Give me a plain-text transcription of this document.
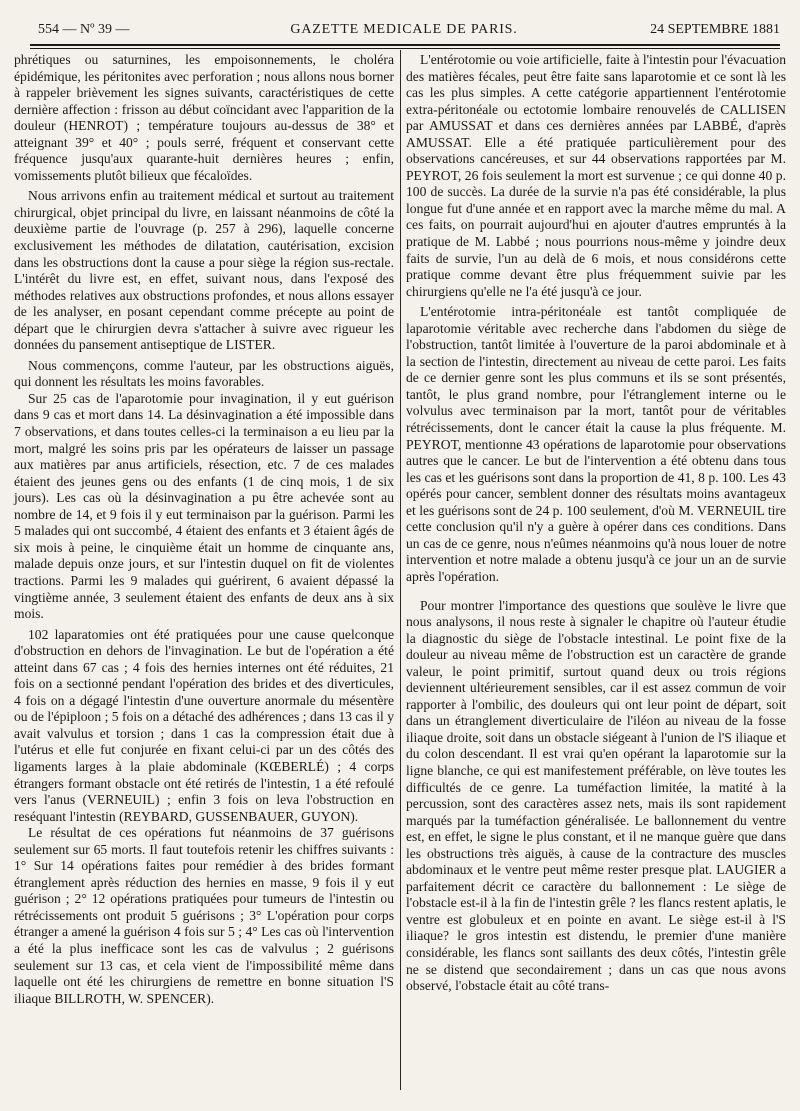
554 — Nº 39 —	GAZETTE MEDICALE DE PARIS.	24 SEPTEMBRE 1881

phrétiques ou saturnines, les empoisonnements, le choléra épidémique, les péritonites avec perforation ; nous allons nous borner à rappeler brièvement les signes suivants, caractéristiques de cette dernière affection : frisson au début coïncidant avec l'apparition de la douleur (HENROT) ; température toujours au-dessus de 38° et atteignant 39° et 40° ; pouls serré, fréquent et conservant cette fréquence jusqu'aux quarante-huit dernières heures ; enfin, vomissements plutôt bilieux que fécaloïdes.

Nous arrivons enfin au traitement médical et surtout au traitement chirurgical, objet principal du livre, en laissant néanmoins de côté la deuxième partie de l'ouvrage (p. 257 à 296), laquelle concerne exclusivement les méthodes de dilatation, cautérisation, excision dans les obstructions dont la cause a pour siège la région sus-rectale. L'intérêt du livre est, en effet, suivant nous, dans l'exposé des méthodes relatives aux obstructions profondes, et nous allons essayer de les analyser, en posant cependant comme précepte au point de départ que le chirurgien devra s'attacher à suivre avec rigueur les données du pansement antiseptique de LISTER.

Nous commençons, comme l'auteur, par les obstructions aiguës, qui donnent les résultats les moins favorables.

Sur 25 cas de l'aparotomie pour invagination, il y eut guérison dans 9 cas et mort dans 14. La désinvagination a été impossible dans 7 observations, et dans toutes celles-ci la terminaison a eu lieu par la mort, malgré les soins pris par les opérateurs de laisser un passage aux matières par anus artificiels, résection, etc. 7 de ces malades étaient des jeunes gens ou des enfants (1 de cinq mois, 1 de six jours). Les cas où la désinvagination a pu être achevée sont au nombre de 14, et 9 fois il y eut terminaison par la guérison. Parmi les 5 malades qui ont succombé, 4 étaient des enfants et 3 étaient âgés de six mois à peine, le cinquième était un homme de cinquante ans, malade depuis onze jours, et sur l'intestin duquel on fit de violentes tractions. Parmi les 9 malades qui guérirent, 6 avaient dépassé la vingtième année, 3 seulement étaient des enfants de deux ans à six mois.

102 laparatomies ont été pratiquées pour une cause quelconque d'obstruction en dehors de l'invagination. Le but de l'opération a été atteint dans 67 cas ; 4 fois des hernies internes ont été réduites, 21 fois on a sectionné pendant l'opération des brides et des diverticules, 4 fois on a dégagé l'intestin d'une ouverture anormale du mésentère ou de l'épiploon ; 5 fois on a détaché des adhérences ; dans 13 cas il y avait valvulus et torsion ; dans 1 cas la compression était due à l'utérus et elle fut conjurée en fixant celui-ci par un des côtés des ligaments larges à la plaie abdominale (KŒBERLÉ) ; 4 corps étrangers formant obstacle ont été retirés de l'intestin, 1 a été refoulé vers l'anus (VERNEUIL) ; enfin 3 fois on leva l'obstruction en reséquant l'intestin (REYBARD, GUSSENBAUER, GUYON).

Le résultat de ces opérations fut néanmoins de 37 guérisons seulement sur 65 morts. Il faut toutefois retenir les chiffres suivants : 1° Sur 14 opérations faites pour remédier à des brides formant étranglement après réduction des hernies en masse, 9 fois il y eut guérison ; 2° 12 opérations pratiquées pour tumeurs de l'intestin ou rétrécissements ont produit 5 guérisons ; 3° L'opération pour corps étranger a amené la guérison 4 fois sur 5 ; 4° Les cas où l'intervention a été la plus inefficace sont les cas de valvulus ; 2 guérisons seulement sur 13 cas, et cela vient de l'impossibilité même dans laquelle ont été les chirurgiens de remettre en bonne situation l'S iliaque BILLROTH, W. SPENCER).

L'entérotomie ou voie artificielle, faite à l'intestin pour l'évacuation des matières fécales, peut être faite sans laparotomie et ce sont là les cas les plus simples. A cette catégorie appartiennent l'entérotomie extra-péritonéale ou ectotomie lombaire renouvelés de CALLISEN par AMUSSAT et dans ces dernières années par LABBÉ, d'après AMUSSAT. Elle a été pratiquée particulièrement pour des observations cancéreuses, et sur 44 observations rapportées par M. PEYROT, 26 fois seulement la mort est survenue ; ce qui donne 40 p. 100 de succès. La durée de la survie n'a pas été considérable, la plus longue fut d'une année et en rapport avec la marche même du mal. A ces faits, on pourrait aujourd'hui en ajouter d'autres empruntés à la pratique de M. Labbé ; nous pourrions nous-même y joindre deux faits de survie, l'un au delà de 6 mois, et nous considérons cette pratique comme devant être plus fréquemment suivie par les chirurgiens qu'elle ne l'a été jusqu'à ce jour.

L'entérotomie intra-péritonéale est tantôt compliquée de laparotomie véritable avec recherche dans l'abdomen du siège de l'obstruction, tantôt limitée à l'ouverture de la paroi abdominale et à la section de l'intestin, directement au niveau de cette paroi. Les faits de ce dernier genre sont les plus communs et ils se sont présentés, tantôt, le plus grand nombre, pour l'étranglement interne ou le volvulus avec terminaison par la mort, tantôt pour de véritables rétrécissements, dont le cancer était la cause la plus fréquente. M. PEYROT, mentionne 43 opérations de laparotomie pour observations autres que le cancer. Le but de l'intervention a été obtenu dans tous les cas et les guérisons sont dans la proportion de 41, 8 p. 100. Les 43 opérés pour cancer, semblent donner des résultats moins avantageux et les guérisons sont de 24 p. 100 seulement, d'où M. VERNEUIL tire cette conclusion qu'il n'y a guère à opérer dans ces conditions. Dans un cas de ce genre, nous n'eûmes néanmoins qu'à nous louer de notre intervention et notre malade a obtenu jusqu'à ce jour un an de survie après l'opération.

Pour montrer l'importance des questions que soulève le livre que nous analysons, il nous reste à signaler le chapitre où l'auteur étudie la diagnostic du siège de l'obstacle intestinal. Le point fixe de la douleur au niveau même de l'obstruction est un caractère de grande valeur, le point primitif, surtout quand deux ou trois régions deviennent ultérieurement sensibles, car il est assez commun de voir rapporter à l'ombilic, des douleurs qui ont leur point de départ, soit dans un étranglement diverticulaire de l'iléon au niveau de la fosse iliaque droite, soit dans un obstacle siégeant à l'union de l'S iliaque et du colon descendant. Il est vrai qu'en opérant la laparotomie sur la ligne blanche, ce qui est manifestement préférable, on lève toutes les difficultés de ce genre. La tuméfaction limitée, la matité à la percussion, sont des caractères assez nets, mais ils sont rapidement marqués par la tuméfaction généralisée. Le ballonnement du ventre est, en effet, le signe le plus constant, et il ne manque guère que dans les obstructions très aiguës, à cause de la contracture des muscles abdominaux et le ventre peut même rester presque plat. LAUGIER a parfaitement décrit ce caractère du ballonnement : Le siège de l'obstacle est-il à la fin de l'intestin grêle ? les flancs restent aplatis, le ventre est globuleux et en pointe en avant. Le siège est-il à l'S iliaque? le gros intestin est distendu, le premier d'une manière considérable, les flancs sont saillants des deux côtés, l'intestin grêle ne se distend que secondairement ; dans un cas que nous avons observé, l'obstacle était au côté trans-
